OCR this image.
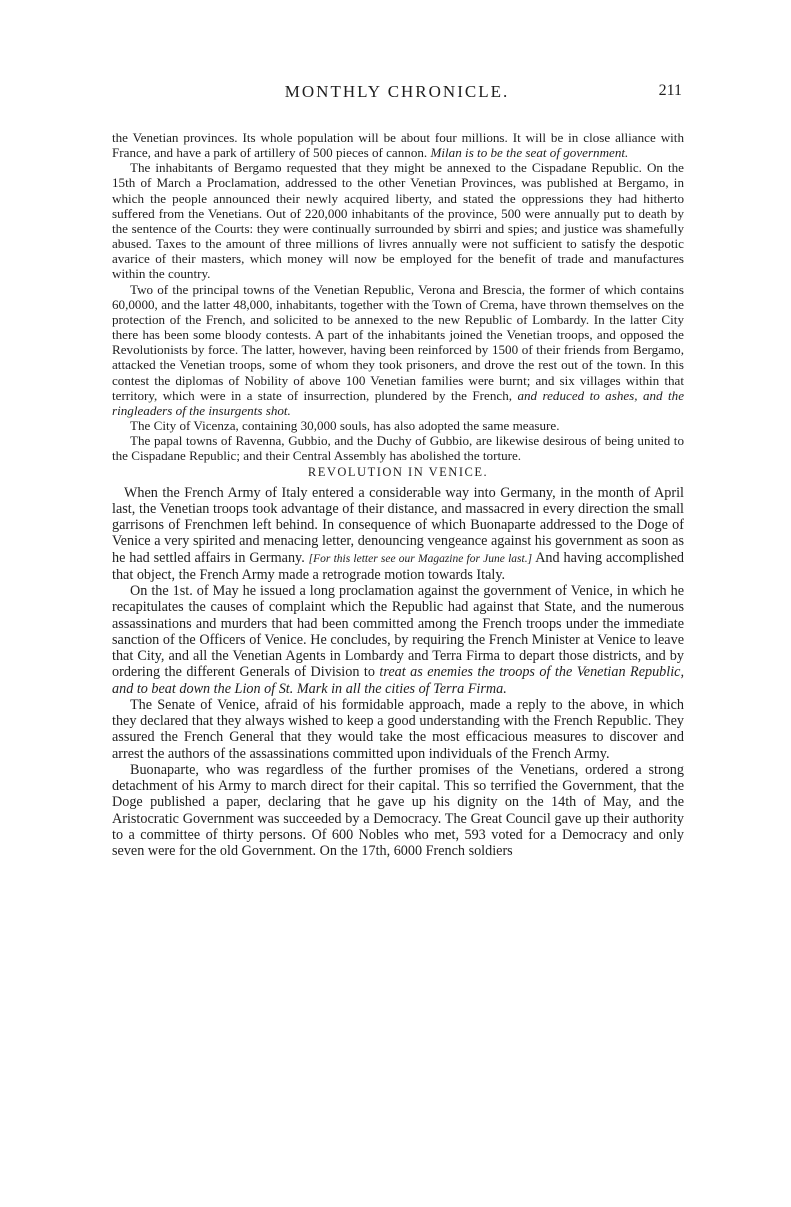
MONTHLY CHRONICLE.	211

the Venetian provinces. Its whole population will be about four millions. It will be in close alliance with France, and have a park of artillery of 500 pieces of cannon. Milan is to be the seat of government.

The inhabitants of Bergamo requested that they might be annexed to the Cispadane Republic. On the 15th of March a Proclamation, addressed to the other Venetian Provinces, was published at Bergamo, in which the people announced their newly acquired liberty, and stated the oppressions they had hitherto suffered from the Venetians. Out of 220,000 inhabitants of the province, 500 were annually put to death by the sentence of the Courts: they were continually surrounded by sbirri and spies; and justice was shamefully abused. Taxes to the amount of three millions of livres annually were not sufficient to satisfy the despotic avarice of their masters, which money will now be employed for the benefit of trade and manufactures within the country.

Two of the principal towns of the Venetian Republic, Verona and Brescia, the former of which contains 60,0000, and the latter 48,000, inhabitants, together with the Town of Crema, have thrown themselves on the protection of the French, and solicited to be annexed to the new Republic of Lombardy. In the latter City there has been some bloody contests. A part of the inhabitants joined the Venetian troops, and opposed the Revolutionists by force. The latter, however, having been reinforced by 1500 of their friends from Bergamo, attacked the Venetian troops, some of whom they took prisoners, and drove the rest out of the town. In this contest the diplomas of Nobility of above 100 Venetian families were burnt; and six villages within that territory, which were in a state of insurrection, plundered by the French, and reduced to ashes, and the ringleaders of the insurgents shot.

The City of Vicenza, containing 30,000 souls, has also adopted the same measure.

The papal towns of Ravenna, Gubbio, and the Duchy of Gubbio, are likewise desirous of being united to the Cispadane Republic; and their Central Assembly has abolished the torture.

REVOLUTION IN VENICE.

When the French Army of Italy entered a considerable way into Germany, in the month of April last, the Venetian troops took advantage of their distance, and massacred in every direction the small garrisons of Frenchmen left behind. In consequence of which Buonaparte addressed to the Doge of Venice a very spirited and menacing letter, denouncing vengeance against his government as soon as he had settled affairs in Germany. [For this letter see our Magazine for June last.] And having accomplished that object, the French Army made a retrograde motion towards Italy.

On the 1st. of May he issued a long proclamation against the government of Venice, in which he recapitulates the causes of complaint which the Republic had against that State, and the numerous assassinations and murders that had been committed among the French troops under the immediate sanction of the Officers of Venice. He concludes, by requiring the French Minister at Venice to leave that City, and all the Venetian Agents in Lombardy and Terra Firma to depart those districts, and by ordering the different Generals of Division to treat as enemies the troops of the Venetian Republic, and to beat down the Lion of St. Mark in all the cities of Terra Firma.

The Senate of Venice, afraid of his formidable approach, made a reply to the above, in which they declared that they always wished to keep a good understanding with the French Republic. They assured the French General that they would take the most efficacious measures to discover and arrest the authors of the assassinations committed upon individuals of the French Army.

Buonaparte, who was regardless of the further promises of the Venetians, ordered a strong detachment of his Army to march direct for their capital. This so terrified the Government, that the Doge published a paper, declaring that he gave up his dignity on the 14th of May, and the Aristocratic Government was succeeded by a Democracy. The Great Council gave up their authority to a committee of thirty persons. Of 600 Nobles who met, 593 voted for a Democracy and only seven were for the old Government. On the 17th, 6000 French soldiers
